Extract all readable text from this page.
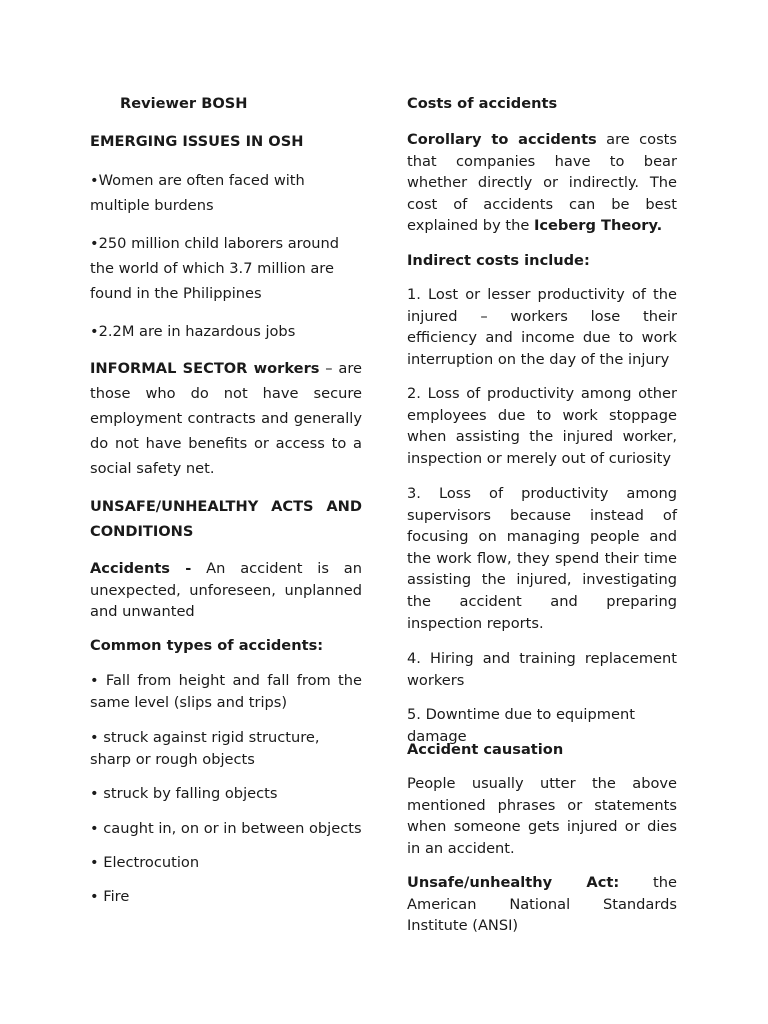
Reviewer BOSH

EMERGING ISSUES IN OSH

•Women are often faced with multiple burdens

•250 million child laborers around the world of which 3.7 million are found in the Philippines

•2.2M are in hazardous jobs

INFORMAL SECTOR workers – are those who do not have secure employment contracts and generally do not have benefits or access to a social safety net.

UNSAFE/UNHEALTHY ACTS AND

CONDITIONS

Accidents - An accident is an unexpected, unforeseen, unplanned and unwanted

Common types of accidents:

• Fall from height and fall from the same level (slips and trips)

• struck against rigid structure, sharp or rough objects

• struck by falling objects

• caught in, on or in between objects

• Electrocution

• Fire

Costs of accidents

Corollary to accidents are costs that companies have to bear whether directly or indirectly. The cost of accidents can be best explained by the Iceberg Theory.

Indirect costs include:

1. Lost or lesser productivity of the injured – workers lose their efficiency and income due to work interruption on the day of the injury

2. Loss of productivity among other employees due to work stoppage when assisting the injured worker, inspection or merely out of curiosity

3. Loss of productivity among supervisors because instead of focusing on managing people and the work flow, they spend their time assisting the injured, investigating the accident and preparing inspection reports.

4. Hiring and training replacement workers

5. Downtime due to equipment damage

Accident causation

People usually utter the above mentioned phrases or statements when someone gets injured or dies in an accident.

Unsafe/unhealthy Act: the American National Standards Institute (ANSI)
